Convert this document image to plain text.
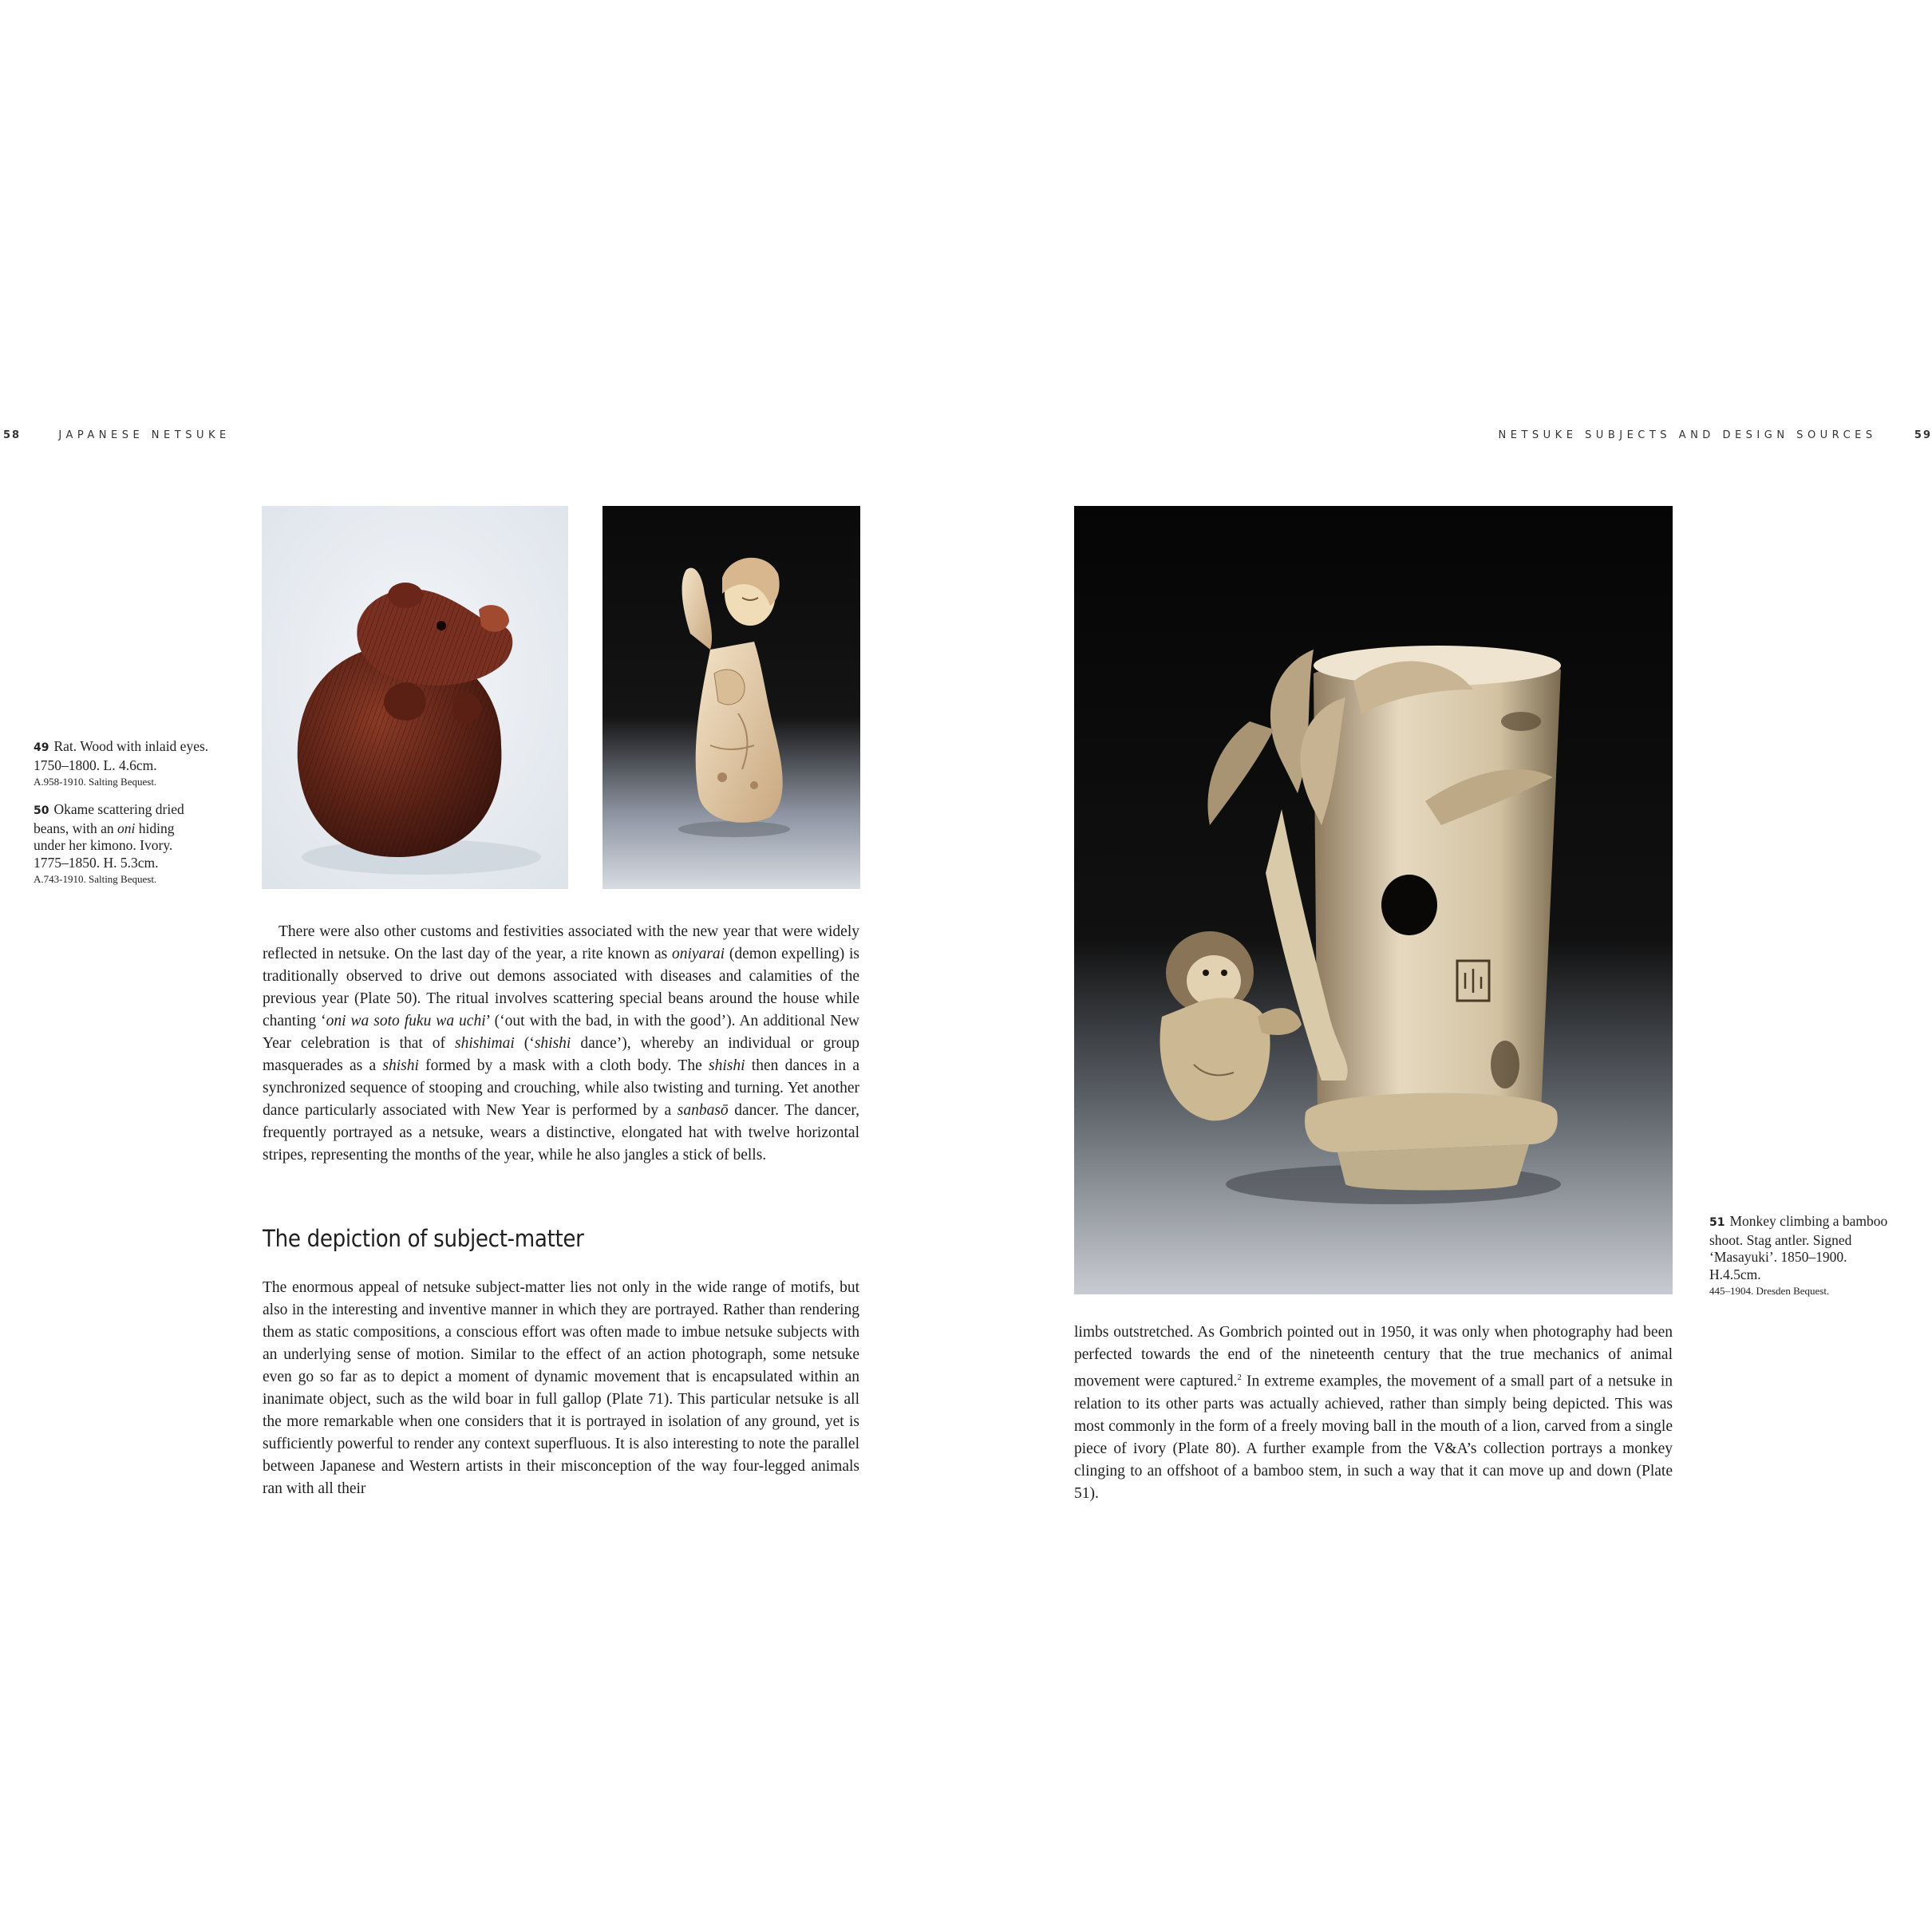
58	JAPANESE NETSUKE	NETSUKE SUBJECTS AND DESIGN SOURCES	59

49 Rat. Wood with inlaid eyes.
1750–1800. L. 4.6cm.
A.958-1910. Salting Bequest.

50 Okame scattering dried
beans, with an oni hiding
under her kimono. Ivory.
1775–1850. H. 5.3cm.
A.743-1910. Salting Bequest.

51 Monkey climbing a bamboo
shoot. Stag antler. Signed
‘Masayuki’. 1850–1900.
H.4.5cm.
445–1904. Dresden Bequest.

There were also other customs and festivities associated with the new year that were widely reflected in netsuke. On the last day of the year, a rite known as oniyarai (demon expelling) is traditionally observed to drive out demons associated with diseases and calamities of the previous year (Plate 50). The ritual involves scattering special beans around the house while chanting ‘oni wa soto fuku wa uchi’ (‘out with the bad, in with the good’). An additional New Year celebration is that of shishimai (‘shishi dance’), whereby an individual or group masquerades as a shishi formed by a mask with a cloth body. The shishi then dances in a synchronized sequence of stooping and crouching, while also twisting and turning. Yet another dance particularly associated with New Year is performed by a sanbasō dancer. The dancer, frequently portrayed as a netsuke, wears a distinctive, elongated hat with twelve horizontal stripes, representing the months of the year, while he also jangles a stick of bells.

The depiction of subject-matter

The enormous appeal of netsuke subject-matter lies not only in the wide range of motifs, but also in the interesting and inventive manner in which they are portrayed. Rather than rendering them as static compositions, a conscious effort was often made to imbue netsuke subjects with an underlying sense of motion. Similar to the effect of an action photograph, some netsuke even go so far as to depict a moment of dynamic movement that is encapsulated within an inanimate object, such as the wild boar in full gallop (Plate 71). This particular netsuke is all the more remarkable when one considers that it is portrayed in isolation of any ground, yet is sufficiently powerful to render any context superfluous. It is also interesting to note the parallel between Japanese and Western artists in their misconception of the way four-legged animals ran with all their

limbs outstretched. As Gombrich pointed out in 1950, it was only when photography had been perfected towards the end of the nineteenth century that the true mechanics of animal movement were captured.$^2$ In extreme examples, the movement of a small part of a netsuke in relation to its other parts was actually achieved, rather than simply being depicted. This was most commonly in the form of a freely moving ball in the mouth of a lion, carved from a single piece of ivory (Plate 80). A further example from the V&A’s collection portrays a monkey clinging to an offshoot of a bamboo stem, in such a way that it can move up and down (Plate 51).
